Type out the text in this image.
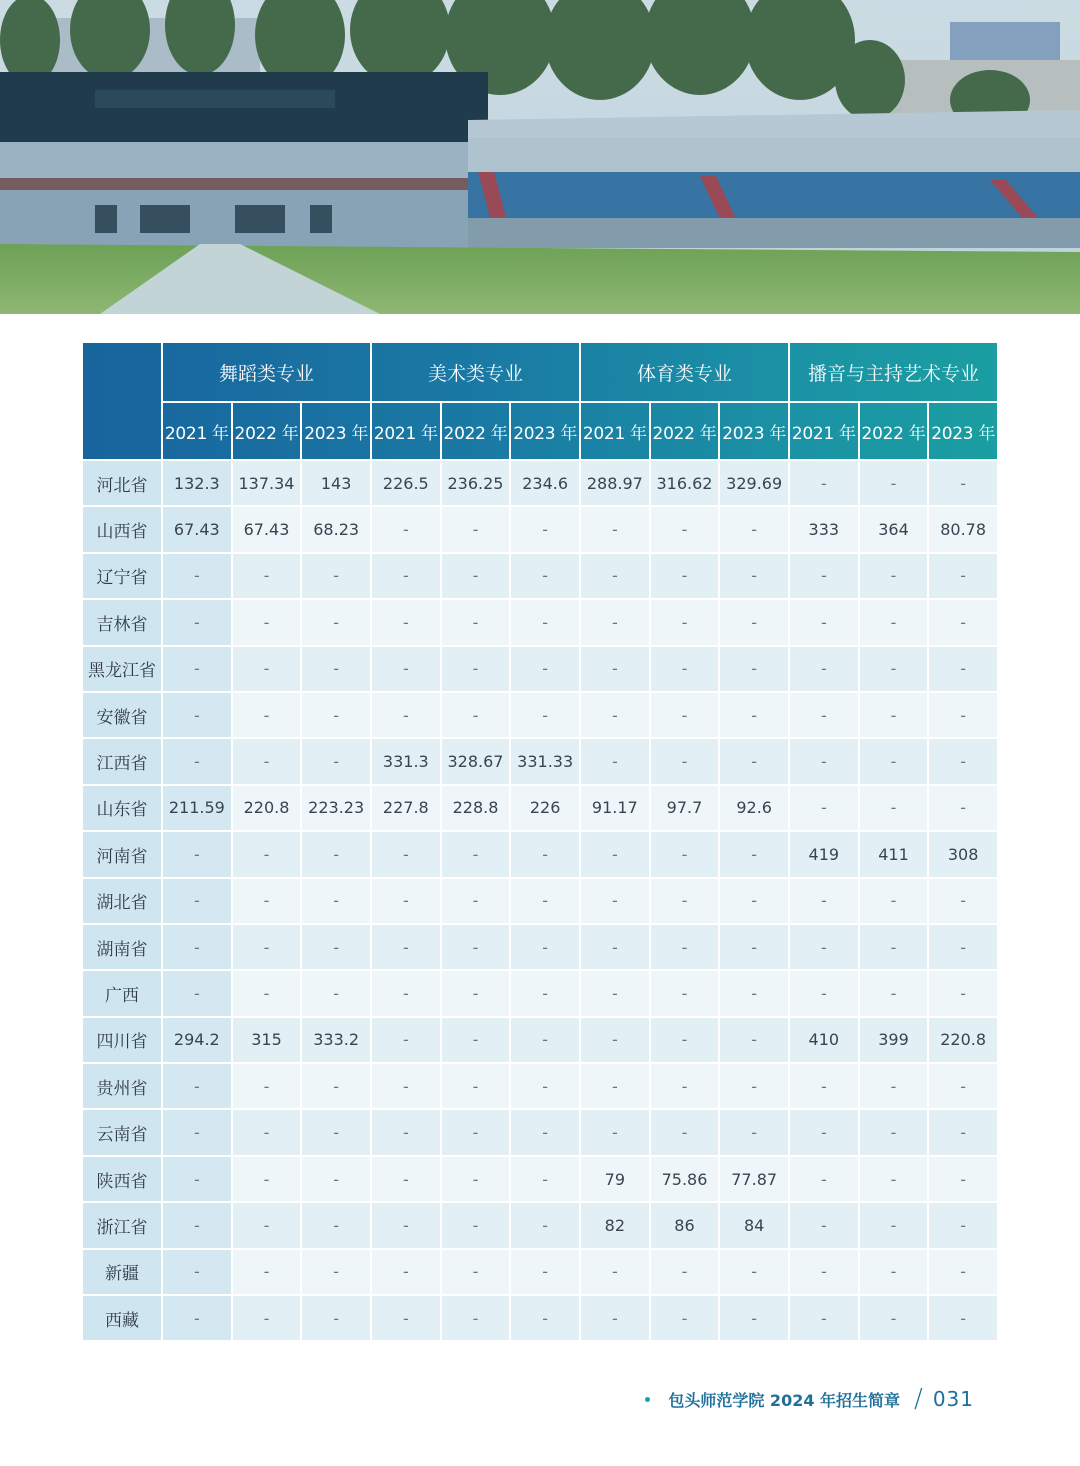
	舞蹈类专业			美术类专业			体育类专业			播音与主持艺术专业		
	2021 年	2022 年	2023 年	2021 年	2022 年	2023 年	2021 年	2022 年	2023 年	2021 年	2022 年	2023 年
河北省	132.3	137.34	143	226.5	236.25	234.6	288.97	316.62	329.69	-	-	-
山西省	67.43	67.43	68.23	-	-	-	-	-	-	333	364	80.78
辽宁省	-	-	-	-	-	-	-	-	-	-	-	-
吉林省	-	-	-	-	-	-	-	-	-	-	-	-
黑龙江省	-	-	-	-	-	-	-	-	-	-	-	-
安徽省	-	-	-	-	-	-	-	-	-	-	-	-
江西省	-	-	-	331.3	328.67	331.33	-	-	-	-	-	-
山东省	211.59	220.8	223.23	227.8	228.8	226	91.17	97.7	92.6	-	-	-
河南省	-	-	-	-	-	-	-	-	-	419	411	308
湖北省	-	-	-	-	-	-	-	-	-	-	-	-
湖南省	-	-	-	-	-	-	-	-	-	-	-	-
广西	-	-	-	-	-	-	-	-	-	-	-	-
四川省	294.2	315	333.2	-	-	-	-	-	-	410	399	220.8
贵州省	-	-	-	-	-	-	-	-	-	-	-	-
云南省	-	-	-	-	-	-	-	-	-	-	-	-
陕西省	-	-	-	-	-	-	79	75.86	77.87	-	-	-
浙江省	-	-	-	-	-	-	82	86	84	-	-	-
新疆	-	-	-	-	-	-	-	-	-	-	-	-
西藏	-	-	-	-	-	-	-	-	-	-	-	-
包头师范学院 2024 年招生简章 / 031
